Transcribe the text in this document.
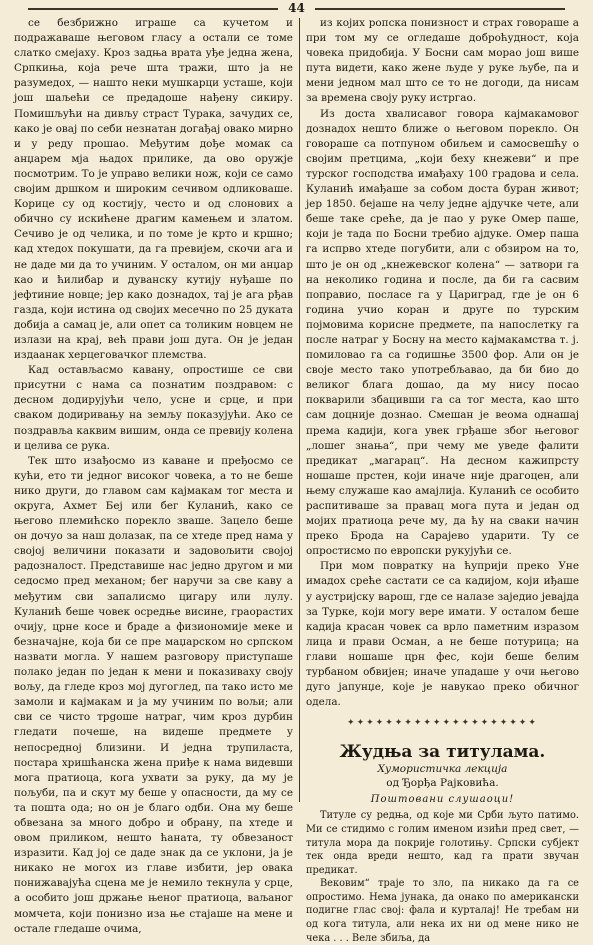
44

се безбрижно играше са кучетом и подражаваше његовом гласу а остали се томе слатко смејаху. Кроз задња врата уђе једна жена, Српкиња, која рече шта тражи, што ја не разумедох, — нашто неки мушкарци усташе, који још шаљећи се предадоше нађену сикиру. Помишљући на дивљу страст Турака, зачудих се, како је овај по себи незнатан догађај овако мирно и у реду прошао. Међутим дође момак са анџарем мја њадох прилике, да ово оружје посмотрим. То је управо велики нож, који се само својим дршком и широким сечивом одликоваше. Корице су од костију, често и од слонових а обично су искићене драгим камењем и златом. Сечиво је од челика, и по томе је крто и кршно; кад хтедох покушати, да га превијем, скочи ага и не даде ми да то учиним. У осталом, он ми анџар као и ћилибар и дуванску кутију нуђаше по јефтиние новце; јер како дознадох, тај је ага рђав газда, који истина од својих месечно по 25 дуката добија а самац је, али опет са толиким новцем не излази на крај, већ прави још дуга. Он је један издаанак херцеговачког племства.

Кад остављасмо кавану, опростише се сви присутни с нама са познатим поздравом: с десном додирујући чело, усне и срце, и при сваком додиривању на земљу показујући. Ако се поздравља каквим вишим, онда се превију колена и целива се рука.

Тек што изађосмо из каване и пређосмо се кући, ето ти једног високог човека, а то не беше нико други, до главом сам кајмакам тог места и округа, Ахмет Беј или бег Куланић, како се његово племићско порекло зваше. Зацело беше он дочуо за наш долазак, па се хтеде пред нама у својој величини показати и задовољити својој радозналост. Представише нас једно другом и ми седосмо пред механом; бег наручи за све каву а међутим сви запалисмо цигару или лулу. Куланић беше човек осредње висине, граорастих очију, црне косе и браде а физиономије меке и безначајне, која би се пре маџарском но српском назвати могла. У нашем разговору приступаше полако један по један к мени и показиваху своју вољу, да гледе кроз мој дугоглед, па тако исто ме замоли и кајмакам и ја му учиним по вољи; али сви се чисто трgoше натраг, чим кроз дурбин гледати почеше, на видеше предмете у непосредној близини. И једна трупиласта, постара хришћанска жена приђе к нама видевши мога пратиоца, кога ухвати за руку, да му је пољуби, па и скут му беше у опасности, да му се та пошта ода; но он је благо одби. Она му беше обвезана за много добро и обрану, па хтеде и овом приликом, нешто ћаната, ту обвезаност изразити. Кад јој се даде знак да се уклони, ја је никако не могох из главе избити, јер овака понижавајућа сцена ме је немило текнула у срце, а особито још држање њеног пратиоца, ваљаног момчета, који понизно иза ње стајаше на мене и остале гледаше очима,

из којих ропска понизност и страх говораше а при том му се огледаше доброћудност, која човека придобија. У Босни сам морао још више пута видети, како жене људе у руке љубе, па и мени једном мал што се то не догоди, да нисам за времена своју руку истргао.

Из доста хвалисавог говора кајмакамовог дознадох нешто ближе о његовом порекло. Он говораше са потпуном обиљем и самосвешћу о својим претцима, „који беху кнежеви“ и пре турског господства имађаху 100 градова и села. Куланић имађаше за собом доста буран живот; јер 1850. бејаше на челу једне ајдучке чете, али беше таке среће, да је пао у руке Омер паше, који је тада по Босни требио ајдуке. Омер паша га испрво хтеде погубити, али с обзиром на то, што је он од „кнежевског колена“ — затвори га на неколико година и после, да би га сасвим поправио, посласе га у Цариград, где је он 6 година учио коран и друге по турским појмовима корисне предмете, па напослетку га после натраг у Босну на место кајмакамства т. ј. помиловао га са годишње 3500 фор. Али он је своје место тако употребљавао, да би био до великог блага дошао, да му нису посао покварили збацивши га са тог места, као што сам доцније дознао. Смешан је веома однашај према кадији, кога увек грђаше због његовог „лошег знања“, при чему ме уведе фалити предикат „магарац“. На десном кажипрсту ношаше прстен, који иначе није драгоцен, али њему служаше као амајлија. Куланић се особито распитиваше за правац мога пута и један од мојих пратиоца рече му, да ћу на сваки начин преко Брода на Сарајево ударити. Ту се опростисмо по европски рукујући се.

При мом повратку на ћуприји преко Уне имадох среће састати се са кадијом, који иђаше у аустријску варош, где се налазе заједио јевајда за Турке, који могу вере имати. У осталом беше кадија красан човек са врло паметним изразом лица и прави Осман, а не беше потурица; на глави ношаше црн фес, који беше белим турбаном обвијен; иначе упадаше у очи његово дуго јапунџе, које је навукао преко обичног одела.

✦✦✦✦✦✦✦✦✦✦✦✦✦✦✦✦✦✦✦✦
Жудња за титулама.
Хумористичка лекција
од Ђорђа Рајковића.
Поштовани слушаоци!

Титуле су редња, од које ми Срби љуто патимо. Ми се стидимо с голим именом изићи пред свет, — титула мора да покрије голотињу. Српски субјект тек онда вреди нешто, кад га прати звучан предикат.

Вековим“ траје то зло, па никако да га се опростимо. Нема јунака, да онако по американски подигне глас свој: фала и курталај! Не требам ни од кога титула, али нека их ни од мене нико не чека . . . Веле збиља, да
